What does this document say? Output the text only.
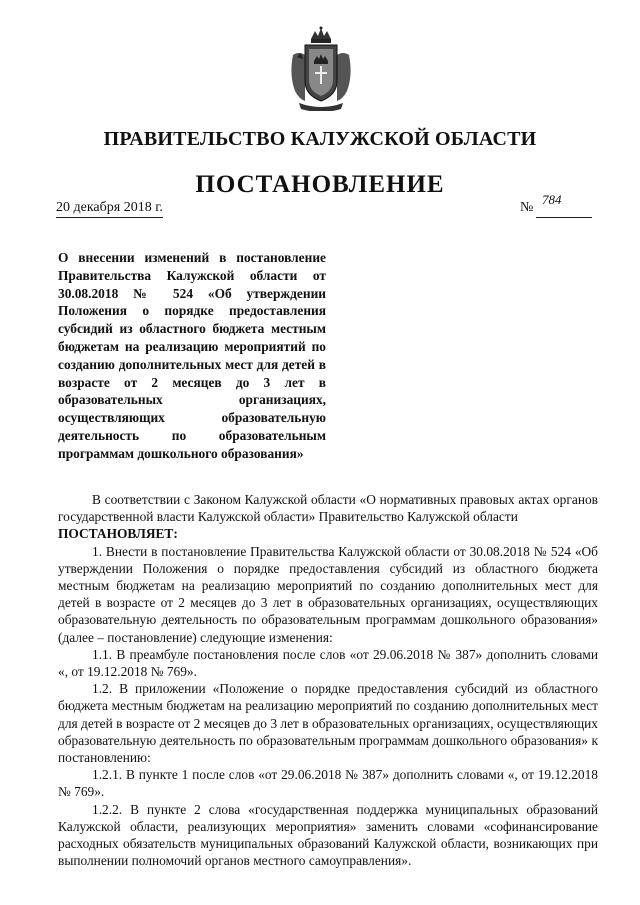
ПРАВИТЕЛЬСТВО КАЛУЖСКОЙ ОБЛАСТИ
ПОСТАНОВЛЕНИЕ
20 декабря 2018 г.	№
784
О внесении изменений в постановление Правительства Калужской области от 30.08.2018 № 524 «Об утверждении Положения о порядке предоставления субсидий из областного бюджета местным бюджетам на реализацию мероприятий по созданию дополнительных мест для детей в возрасте от 2 месяцев до 3 лет в образовательных организациях, осуществляющих образовательную деятельность по образовательным программам дошкольного образования»

В соответствии с Законом Калужской области «О нормативных правовых актах органов государственной власти Калужской области» Правительство Калужской области

ПОСТАНОВЛЯЕТ:

1. Внести в постановление Правительства Калужской области от 30.08.2018 № 524 «Об утверждении Положения о порядке предоставления субсидий из областного бюджета местным бюджетам на реализацию мероприятий по созданию дополнительных мест для детей в возрасте от 2 месяцев до 3 лет в образовательных организациях, осуществляющих образовательную деятельность по образовательным программам дошкольного образования» (далее – постановление) следующие изменения:

1.1. В преамбуле постановления после слов «от 29.06.2018 № 387» дополнить словами «, от 19.12.2018 № 769».

1.2. В приложении «Положение о порядке предоставления субсидий из областного бюджета местным бюджетам на реализацию мероприятий по созданию дополнительных мест для детей в возрасте от 2 месяцев до 3 лет в образовательных организациях, осуществляющих образовательную деятельность по образовательным программам дошкольного образования» к постановлению:

1.2.1. В пункте 1 после слов «от 29.06.2018 № 387» дополнить словами «, от 19.12.2018 № 769».

1.2.2. В пункте 2 слова «государственная поддержка муниципальных образований Калужской области, реализующих мероприятия» заменить словами «софинансирование расходных обязательств муниципальных образований Калужской области, возникающих при выполнении полномочий органов местного самоуправления».
